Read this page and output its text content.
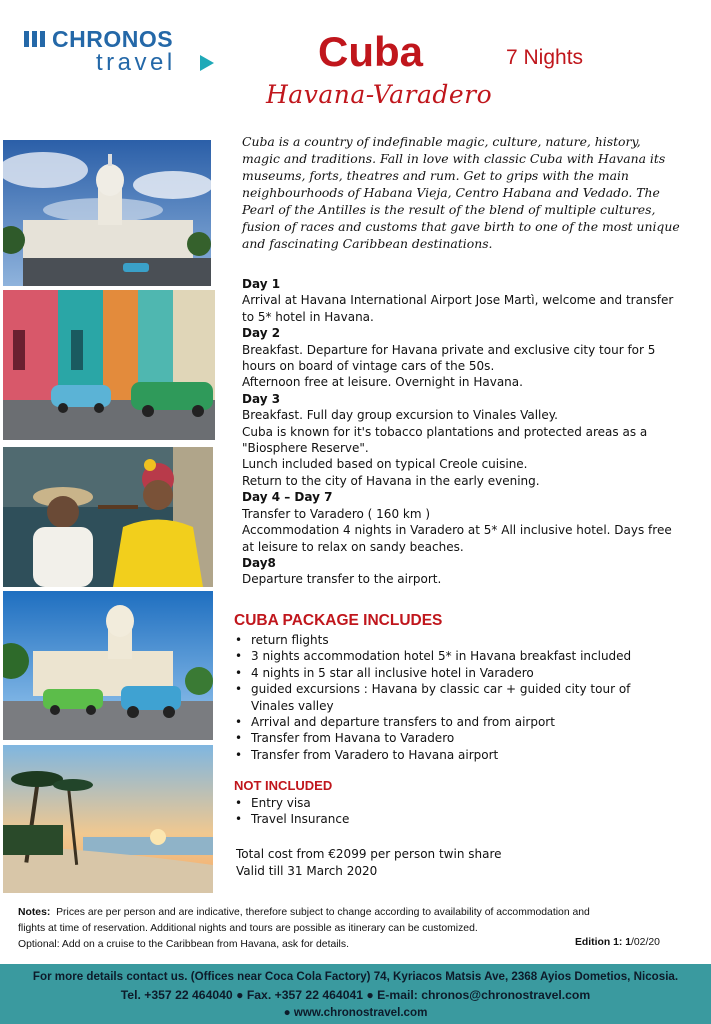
CHRONOS
travel	Cuba	7 Nights
Havana-Varadero
Cuba is a country of indefinable magic, culture, nature, history, magic and traditions. Fall in love with classic Cuba with Havana its museums, forts, theatres and rum. Get to grips with the main neighbourhoods of Habana Vieja, Centro Habana and Vedado. The Pearl of the Antilles is the result of the blend of multiple cultures, fusion of races and customs that gave birth to one of the most unique and fascinating Caribbean destinations.

Day 1

Arrival at Havana International Airport Jose Martì, welcome and transfer to 5* hotel in Havana.

Day 2

Breakfast. Departure for Havana private and exclusive city tour for 5 hours on board of vintage cars of the 50s.

Afternoon free at leisure. Overnight in Havana.

Day 3

Breakfast. Full day group excursion to Vinales Valley.

Cuba is known for it's tobacco plantations and protected areas as a "Biosphere Reserve".

Lunch included based on typical Creole cuisine.

Return to the city of Havana in the early evening.

Day 4 – Day 7

Transfer to Varadero ( 160 km )

Accommodation 4 nights in Varadero at 5* All inclusive hotel. Days free at leisure to relax on sandy beaches.

Day8

Departure transfer to the airport.

CUBA PACKAGE INCLUDES
• return flights
• 3 nights accommodation hotel 5* in Havana breakfast included
• 4 nights in 5 star all inclusive hotel in Varadero
• guided excursions : Havana by classic car + guided city tour of Vinales valley
• Arrival and departure transfers to and from airport
• Transfer from Havana to Varadero
• Transfer from Varadero to Havana airport
NOT INCLUDED
• Entry visa
• Travel Insurance
Total cost from €2099 per person twin share
Valid till 31 March 2020
Notes: Prices are per person and are indicative, therefore subject to change according to availability of accommodation and
flights at time of reservation. Additional nights and tours are possible as itinerary can be customized.
Optional: Add on a cruise to the Caribbean from Havana, ask for details.	Edition 1: 1/02/20
For more details contact us. (Offices near Coca Cola Factory) 74, Kyriacos Matsis Ave, 2368 Ayios Dometios, Nicosia.
Tel. +357 22 464040 ● Fax. +357 22 464041 ● E-mail: chronos@chronostravel.com
● www.chronostravel.com
